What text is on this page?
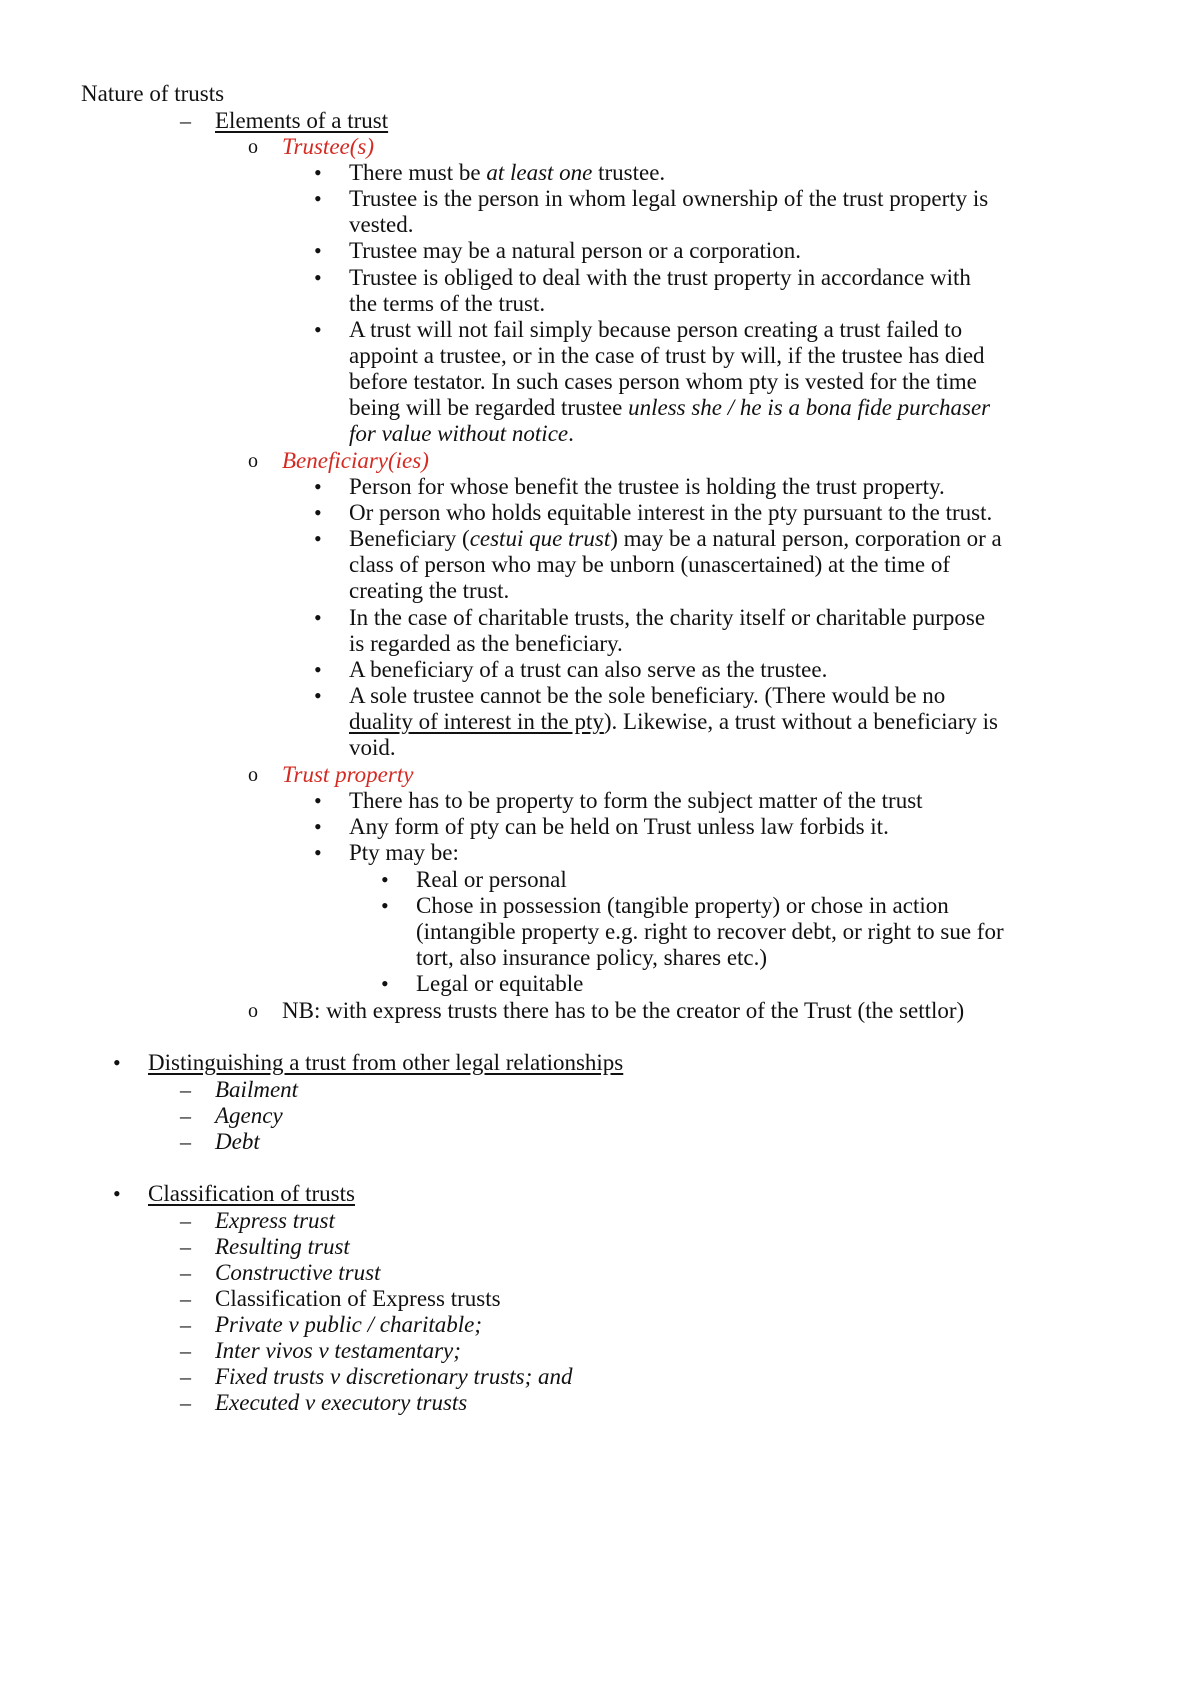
Nature of trusts
– Elements of a trust
o Trustee(s)
• There must be at least one trustee.
• Trustee is the person in whom legal ownership of the trust property is
vested.
• Trustee may be a natural person or a corporation.
• Trustee is obliged to deal with the trust property in accordance with
the terms of the trust.
• A trust will not fail simply because person creating a trust failed to
appoint a trustee, or in the case of trust by will, if the trustee has died
before testator. In such cases person whom pty is vested for the time
being will be regarded trustee unless she / he is a bona fide purchaser
for value without notice.
o Beneficiary(ies)
• Person for whose benefit the trustee is holding the trust property.
• Or person who holds equitable interest in the pty pursuant to the trust.
• Beneficiary (cestui que trust) may be a natural person, corporation or a
class of person who may be unborn (unascertained) at the time of
creating the trust.
• In the case of charitable trusts, the charity itself or charitable purpose
is regarded as the beneficiary.
• A beneficiary of a trust can also serve as the trustee.
• A sole trustee cannot be the sole beneficiary. (There would be no
duality of interest in the pty). Likewise, a trust without a beneficiary is
void.
o Trust property
• There has to be property to form the subject matter of the trust
• Any form of pty can be held on Trust unless law forbids it.
• Pty may be:
• Real or personal
• Chose in possession (tangible property) or chose in action
(intangible property e.g. right to recover debt, or right to sue for
tort, also insurance policy, shares etc.)
• Legal or equitable
o NB: with express trusts there has to be the creator of the Trust (the settlor)
• Distinguishing a trust from other legal relationships
– Bailment
– Agency
– Debt
• Classification of trusts
– Express trust
– Resulting trust
– Constructive trust
– Classification of Express trusts
– Private v public / charitable;
– Inter vivos v testamentary;
– Fixed trusts v discretionary trusts; and
– Executed v executory trusts
